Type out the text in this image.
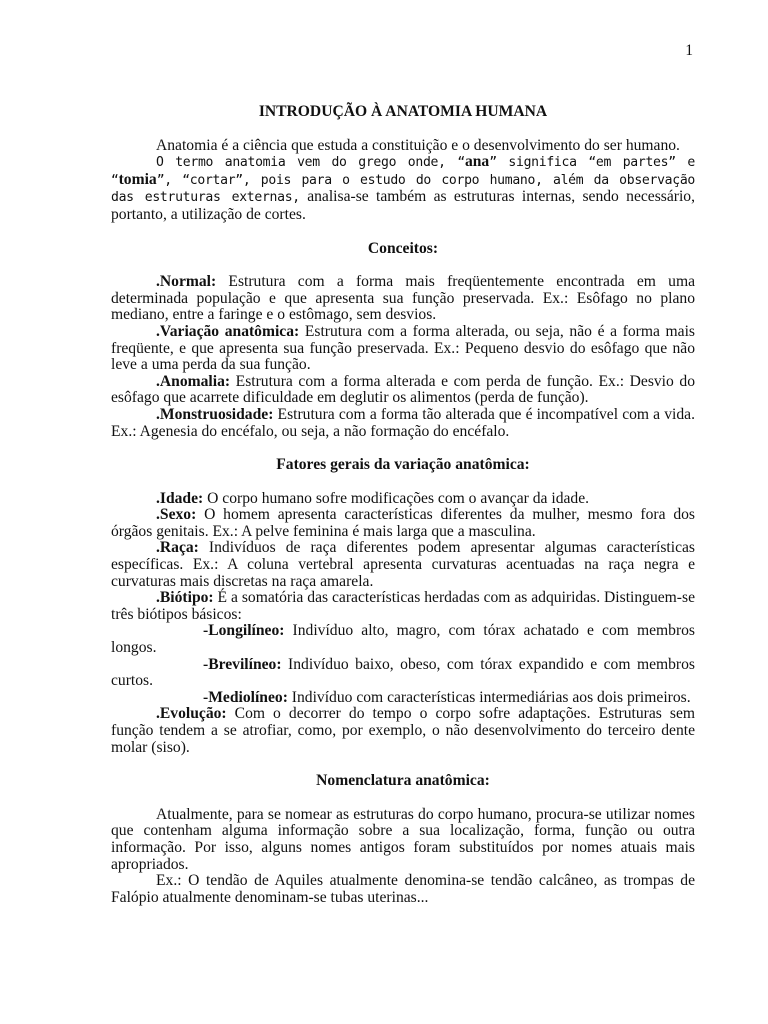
1
INTRODUÇÃO À ANATOMIA HUMANA

Anatomia é a ciência que estuda a constituição e o desenvolvimento do ser humano.

O termo anatomia vem do grego onde, “ana” significa “em partes” e “tomia”, “cortar”, pois para o estudo do corpo humano, além da observação das estruturas externas, analisa-se também as estruturas internas, sendo necessário, portanto, a utilização de cortes.

Conceitos:

.Normal: Estrutura com a forma mais freqüentemente encontrada em uma determinada população e que apresenta sua função preservada. Ex.: Esôfago no plano mediano, entre a faringe e o estômago, sem desvios.

.Variação anatômica: Estrutura com a forma alterada, ou seja, não é a forma mais freqüente, e que apresenta sua função preservada. Ex.: Pequeno desvio do esôfago que não leve a uma perda da sua função.

.Anomalia: Estrutura com a forma alterada e com perda de função. Ex.: Desvio do esôfago que acarrete dificuldade em deglutir os alimentos (perda de função).

.Monstruosidade: Estrutura com a forma tão alterada que é incompatível com a vida. Ex.: Agenesia do encéfalo, ou seja, a não formação do encéfalo.

Fatores gerais da variação anatômica:

.Idade: O corpo humano sofre modificações com o avançar da idade.

.Sexo: O homem apresenta características diferentes da mulher, mesmo fora dos órgãos genitais. Ex.: A pelve feminina é mais larga que a masculina.

.Raça: Indivíduos de raça diferentes podem apresentar algumas características específicas. Ex.: A coluna vertebral apresenta curvaturas acentuadas na raça negra e curvaturas mais discretas na raça amarela.

.Biótipo: É a somatória das características herdadas com as adquiridas. Distinguem-se três biótipos básicos:

-Longilíneo: Indivíduo alto, magro, com tórax achatado e com membros longos.

-Brevilíneo: Indivíduo baixo, obeso, com tórax expandido e com membros curtos.

-Mediolíneo: Indivíduo com características intermediárias aos dois primeiros.

.Evolução: Com o decorrer do tempo o corpo sofre adaptações. Estruturas sem função tendem a se atrofiar, como, por exemplo, o não desenvolvimento do terceiro dente molar (siso).

Nomenclatura anatômica:

Atualmente, para se nomear as estruturas do corpo humano, procura-se utilizar nomes que contenham alguma informação sobre a sua localização, forma, função ou outra informação. Por isso, alguns nomes antigos foram substituídos por nomes atuais mais apropriados.

Ex.: O tendão de Aquiles atualmente denomina-se tendão calcâneo, as trompas de Falópio atualmente denominam-se tubas uterinas...
